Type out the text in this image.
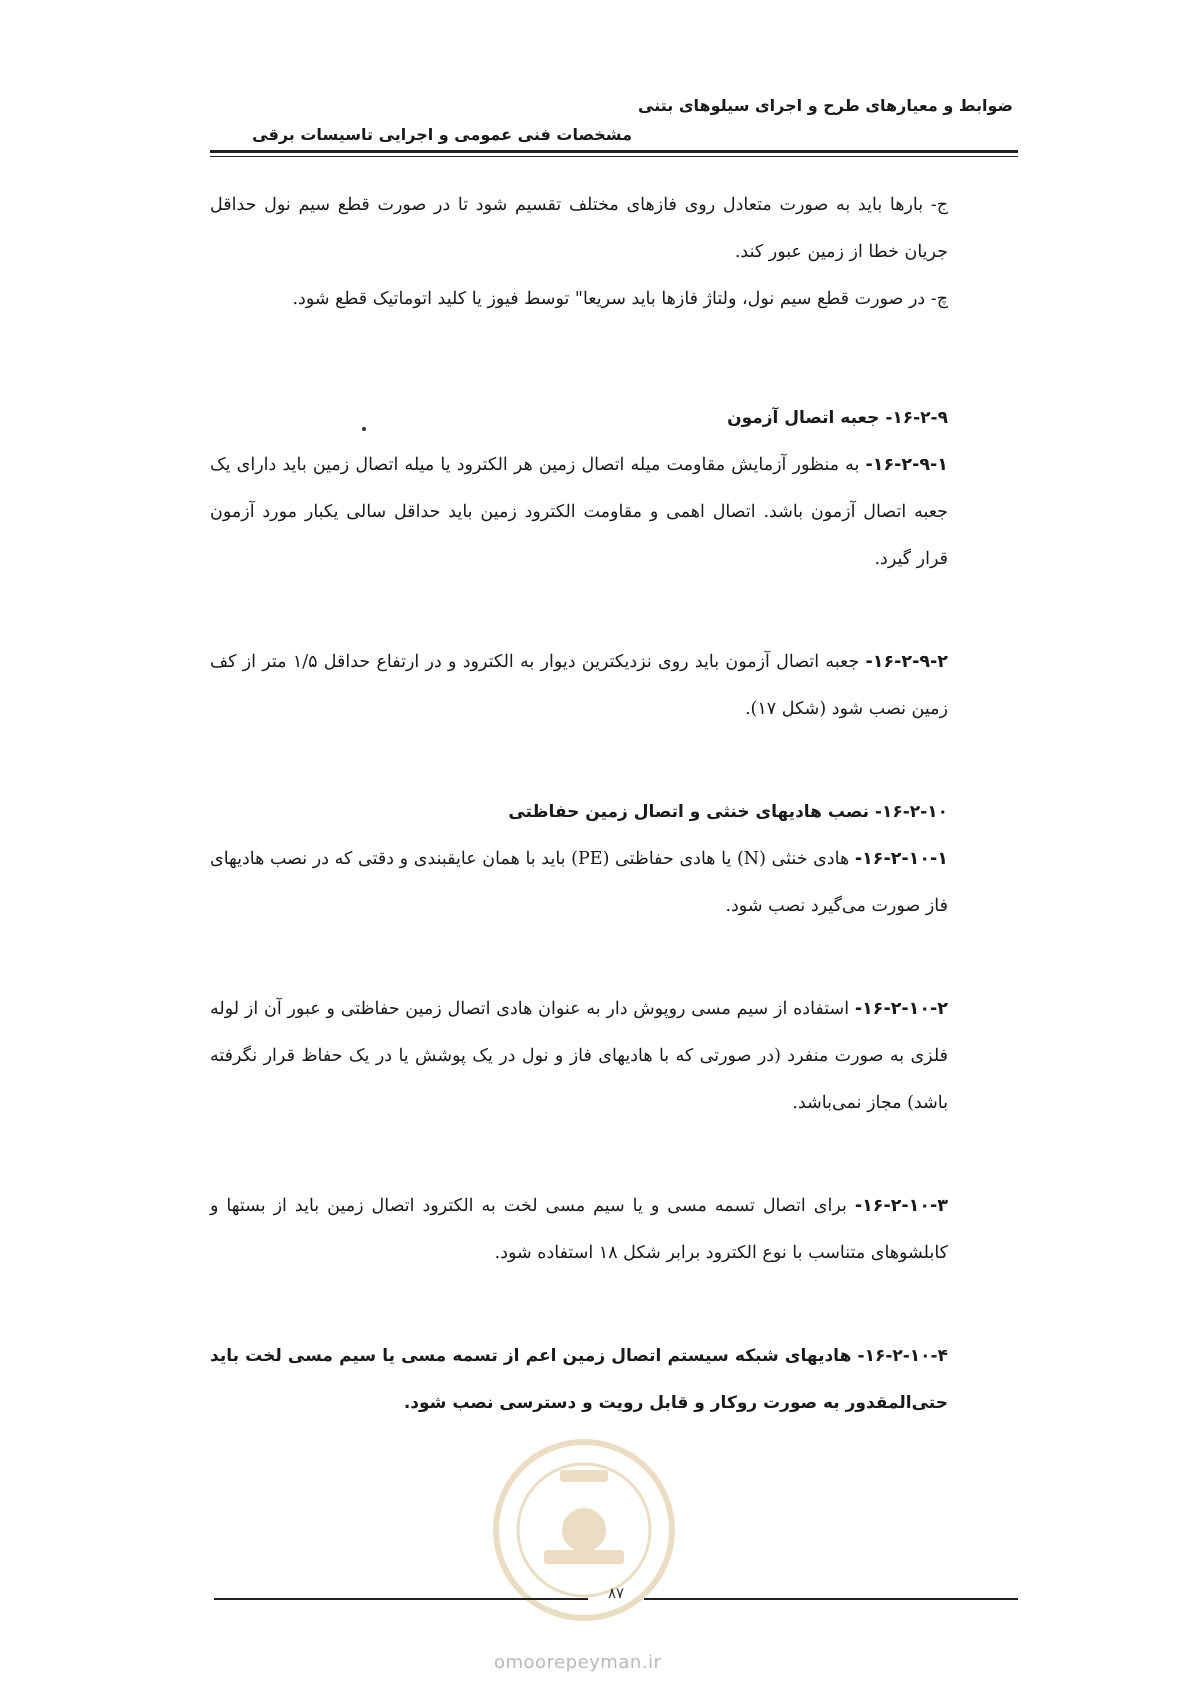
ضوابط و معیارهای طرح و اجرای سیلوهای بتنی
مشخصات فنی عمومی و اجرایی تاسیسات برقی

ج- بارها باید به صورت متعادل روی فازهای مختلف تقسیم شود تا در صورت قطع سیم نول حداقل جریان خطا از زمین عبور کند.

چ- در صورت قطع سیم نول، ولتاژ فازها باید سریعا" توسط فیوز یا کلید اتوماتیک قطع شود.

۱۶-۲-۹- جعبه اتصال آزمون

۱۶-۲-۹-۱- به منظور آزمایش مقاومت میله اتصال زمین هر الکترود یا میله اتصال زمین باید دارای یک جعبه اتصال آزمون باشد. اتصال اهمی و مقاومت الکترود زمین باید حداقل سالی یکبار مورد آزمون قرار گیرد.

۱۶-۲-۹-۲- جعبه اتصال آزمون باید روی نزدیکترین دیوار به الکترود و در ارتفاع حداقل ۱/۵ متر از کف زمین نصب شود (شکل ۱۷).

۱۶-۲-۱۰- نصب هادیهای خنثی و اتصال زمین حفاظتی

۱۶-۲-۱۰-۱- هادی خنثی (N) یا هادی حفاظتی (PE) باید با همان عایقبندی و دقتی که در نصب هادیهای فاز صورت می‌گیرد نصب شود.

۱۶-۲-۱۰-۲- استفاده از سیم مسی روپوش دار به عنوان هادی اتصال زمین حفاظتی و عبور آن از لوله فلزی به صورت منفرد (در صورتی که با هادیهای فاز و نول در یک پوشش یا در یک حفاظ قرار نگرفته باشد) مجاز نمی‌باشد.

۱۶-۲-۱۰-۳- برای اتصال تسمه مسی و یا سیم مسی لخت به الکترود اتصال زمین باید از بستها و کابلشوهای متناسب با نوع الکترود برابر شکل ۱۸ استفاده شود.

۱۶-۲-۱۰-۴- هادیهای شبکه سیستم اتصال زمین اعم از تسمه مسی یا سیم مسی لخت باید حتی‌المقدور به صورت روکار و قابل رویت و دسترسی نصب شود.

۸۷
omoorepeyman.ir
